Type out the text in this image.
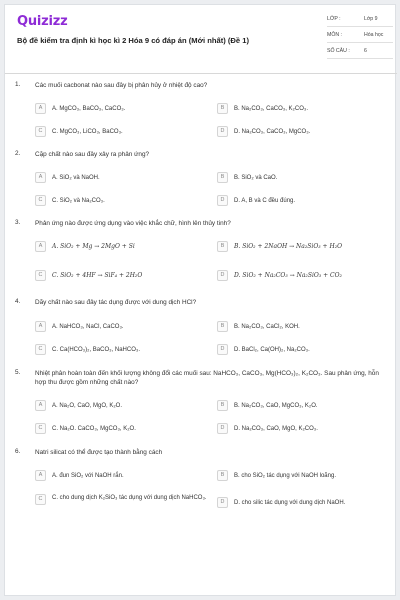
Quizizz
Bộ đề kiểm tra định kì học kì 2 Hóa 9 có đáp án (Mới nhất) (Đề 1)
LỚP :	Lớp 9
MÔN :	Hóa học
SỐ CÂU :	6
1. Các muối cacbonat nào sau đây bị phân hủy ở nhiệt độ cao?
A	A. MgCO₃, BaCO₃, CaCO₃.	B	B. Na₂CO₃, CaCO₃, K₂CO₃.
C	C. MgCO₃, LiCO₃, BaCO₃.	D	D. Na₂CO₃, CaCO₃, MgCO₃.
2. Cặp chất nào sau đây xảy ra phản ứng?
A	A. SiO₂ và NaOH.	B	B. SiO₂ và CaO.
C	C. SiO₂ và Na₂CO₃.	D	D. A, B và C đều đúng.
3. Phản ứng nào được ứng dụng vào việc khắc chữ, hình lên thủy tinh?
A	A. SiO₂ + Mg → 2MgO + Si	B	B. SiO₂ + 2NaOH → Na₂SiO₃ + H₂O
C	C. SiO₂ + 4HF → SiF₄ + 2H₂O	D	D. SiO₂ + Na₂CO₃ → Na₂SiO₃ + CO₂
4. Dãy chất nào sau đây tác dụng được với dung dịch HCl?
A	A. NaHCO₃, NaCl, CaCO₃.	B	B. Na₂CO₃, CaCl₂, KOH.
C	C. Ca(HCO₃)₂, BaCO₃, NaHCO₃.	D	D. BaCl₂, Ca(OH)₂, Na₂CO₃.
5. Nhiệt phân hoàn toàn đến khối lượng không đổi các muối sau: NaHCO₃, CaCO₃, Mg(HCO₃)₂, K₂CO₃. Sau phản ứng, hỗn hợp thu được gồm những chất nào?
A	A. Na₂O, CaO, MgO, K₂O.	B	B. Na₂CO₃, CaO, MgCO₃, K₂O.
C	C. Na₂O. CaCO₃, MgCO₃, K₂O.	D	D. Na₂CO₃, CaO, MgO, K₂CO₃.
6. Natri silicat có thể được tạo thành bằng cách
A	A. đun SiO₂ với NaOH rắn.	B	B. cho SiO₂ tác dụng với NaOH loãng.
C	C. cho dung dịch K₂SiO₃ tác dụng với dung dịch NaHCO₃.
D	D. cho silic tác dụng với dung dịch NaOH.
